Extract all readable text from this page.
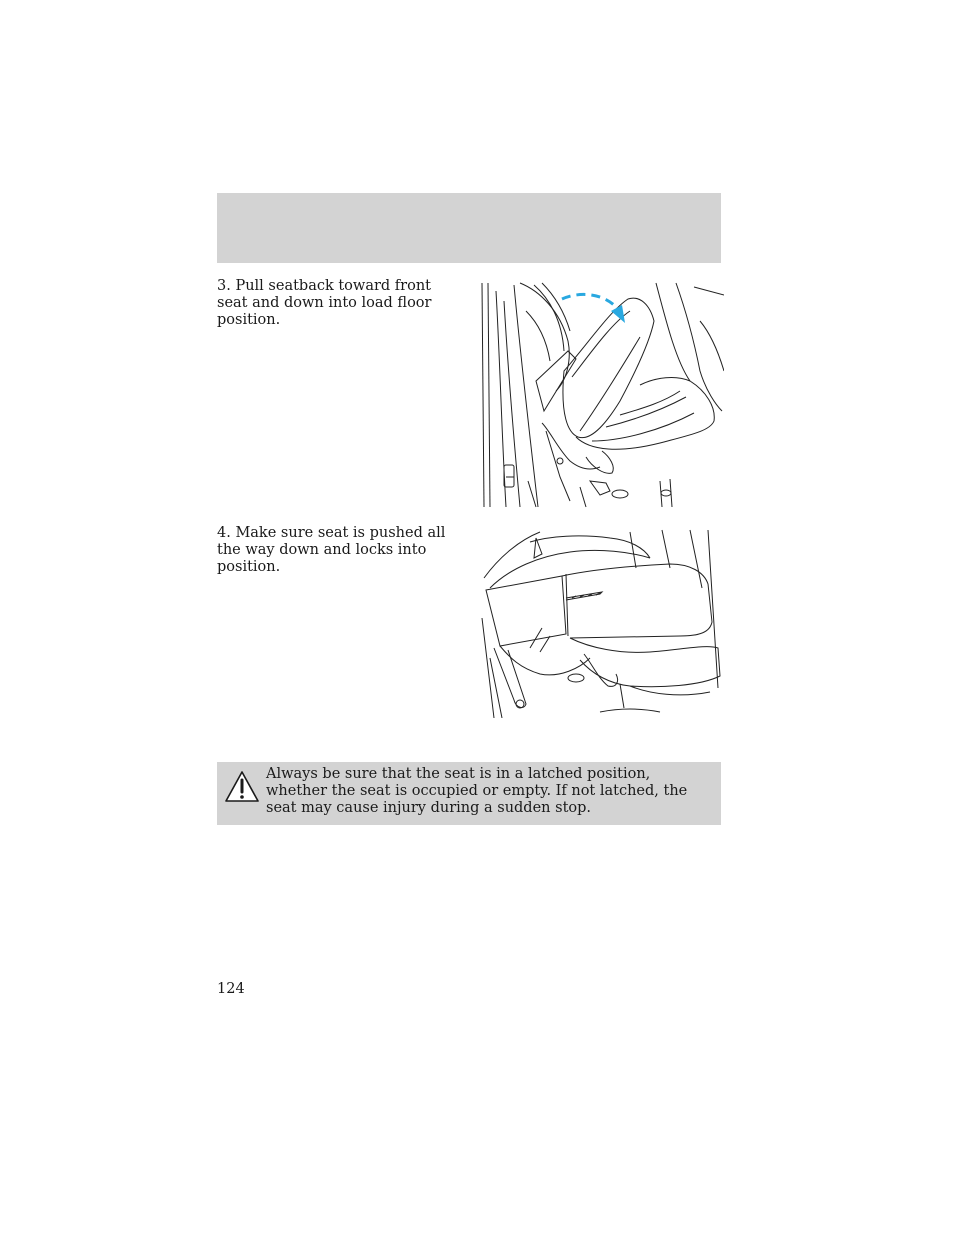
3. Pull seatback toward front seat and down into load floor position.
4. Make sure seat is pushed all the way down and locks into position.
Always be sure that the seat is in a latched position, whether the seat is occupied or empty. If not latched, the seat may cause injury during a sudden stop.
124
